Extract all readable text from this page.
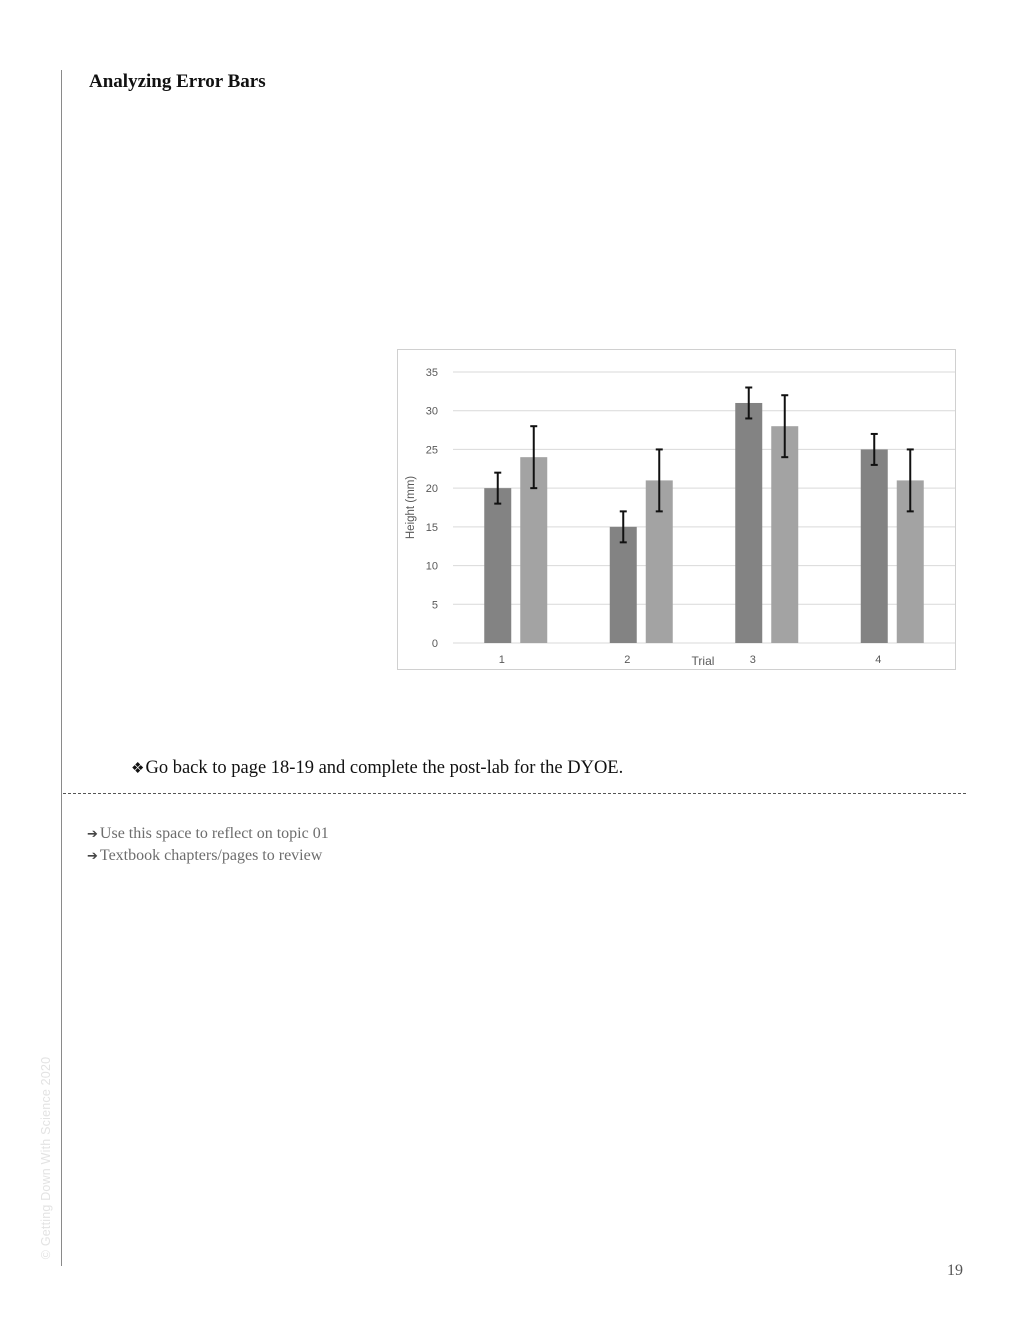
© Getting Down With Science 2020
Analyzing Error Bars
0
5
10
15
20
25
30
35
Height (mm)
1	2	3	4
Trial
❖Go back to page 18-19 and complete the post-lab for the DYOE.
➔ Use this space to reflect on topic 01
➔ Textbook chapters/pages to review
19
